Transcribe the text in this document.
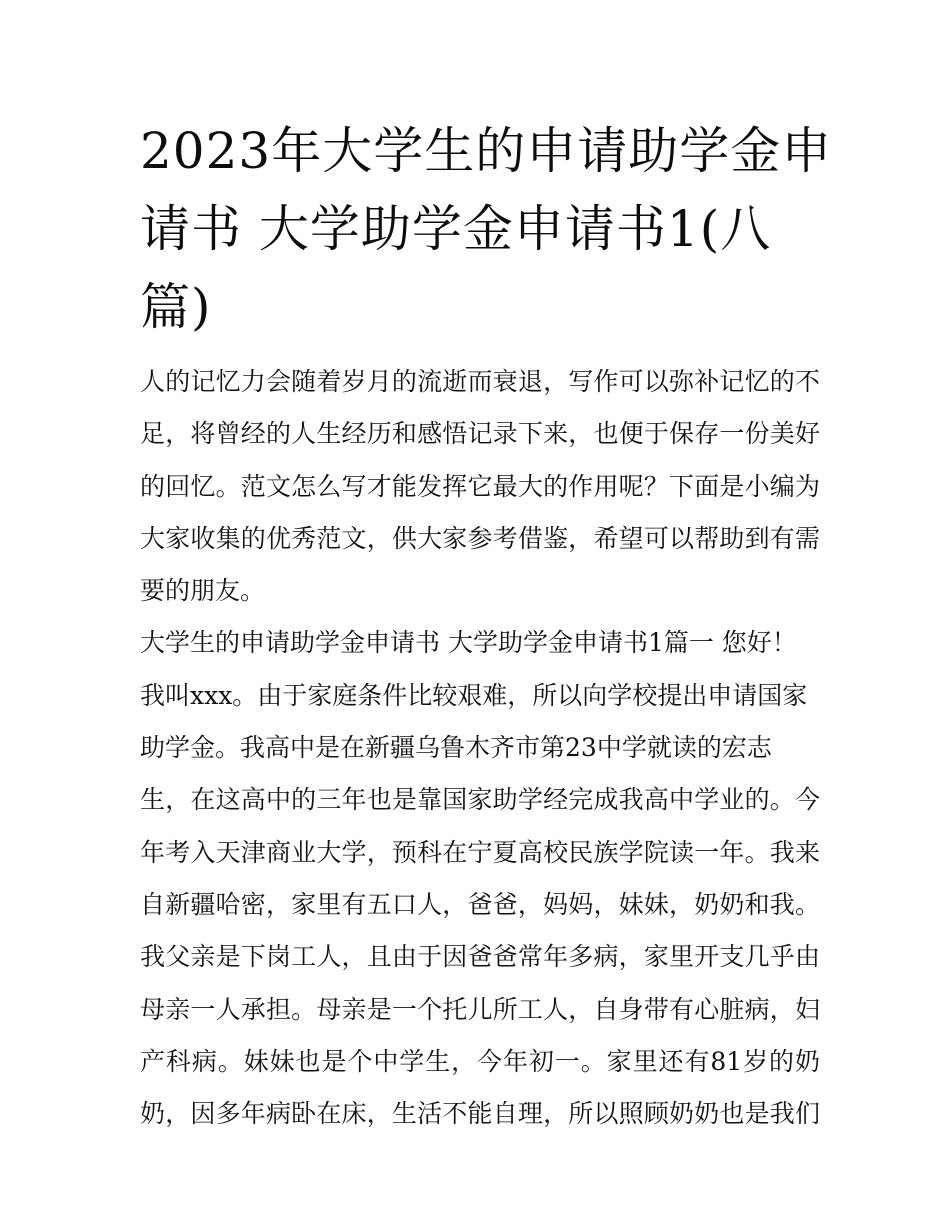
2023年大学生的申请助学金申
请书 大学助学金申请书1(八
篇)

人的记忆力会随着岁月的流逝而衰退，写作可以弥补记忆的不
足，将曾经的人生经历和感悟记录下来，也便于保存一份美好
的回忆。范文怎么写才能发挥它最大的作用呢？下面是小编为
大家收集的优秀范文，供大家参考借鉴，希望可以帮助到有需
要的朋友。

大学生的申请助学金申请书 大学助学金申请书1篇一 您好！
我叫xxx。由于家庭条件比较艰难，所以向学校提出申请国家
助学金。我高中是在新疆乌鲁木齐市第23中学就读的宏志
生，在这高中的三年也是靠国家助学经完成我高中学业的。今
年考入天津商业大学，预科在宁夏高校民族学院读一年。我来
自新疆哈密，家里有五口人，爸爸，妈妈，妹妹，奶奶和我。
我父亲是下岗工人，且由于因爸爸常年多病，家里开支几乎由
母亲一人承担。母亲是一个托儿所工人，自身带有心脏病，妇
产科病。妹妹也是个中学生，今年初一。家里还有81岁的奶
奶，因多年病卧在床，生活不能自理，所以照顾奶奶也是我们
